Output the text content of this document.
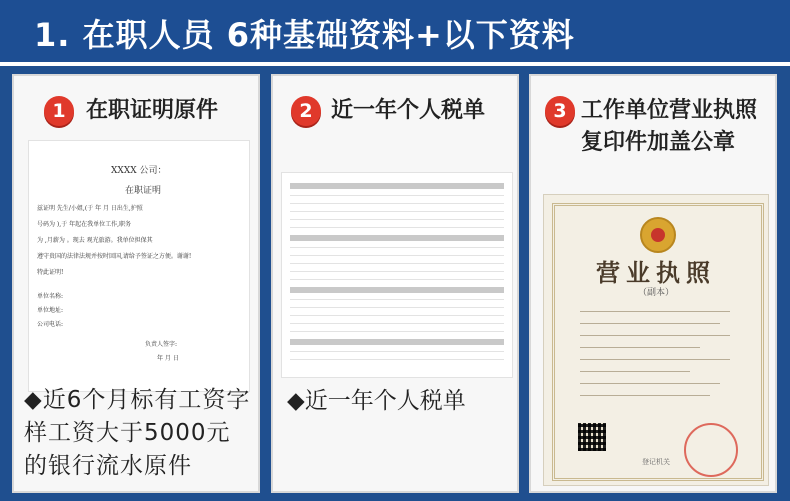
1. 在职人员 6种基础资料+以下资料
1 在职证明原件
XXXX 公司：
在职证明
兹证明 先生/小姐,(于 年 月 日出生,护照
号码为 ),于 年起在我单位工作,职务
为 ,月薪为 。现去 观光旅游。我单位担保其
遵守贵国的法律法规并按时回国,请给予签证之方便。谢谢!
特此证明!
单位名称:
单位地址:
公司电话:
负责人签字:
年 月 日
◆近6个月标有工资字样工资大于5000元的银行流水原件
2 近一年个人税单
◆近一年个人税单
3 工作单位营业执照
复印件加盖公章
营业执照
（副本）
登记机关
